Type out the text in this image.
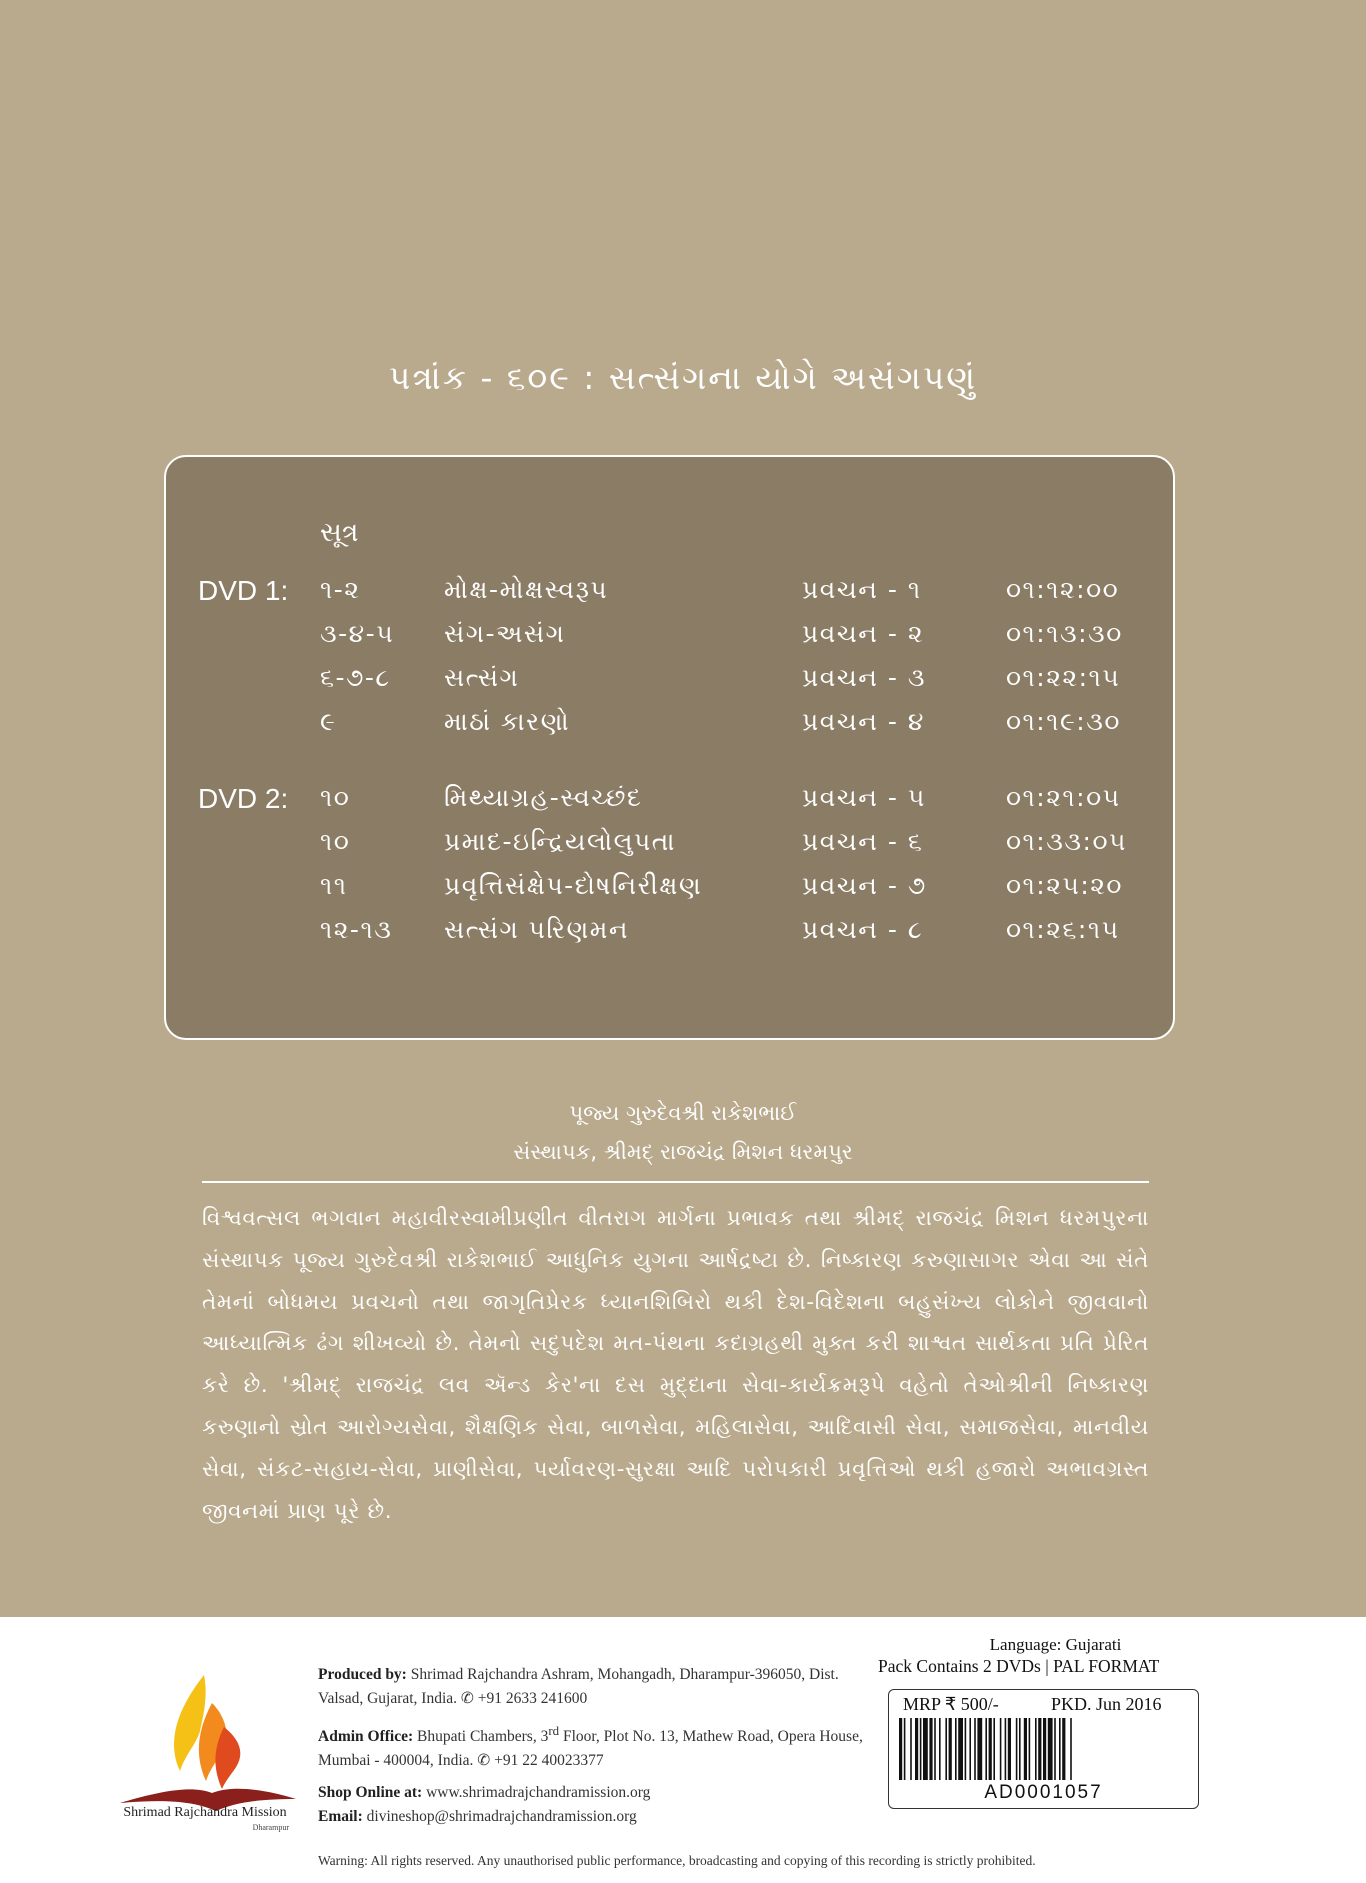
પત્રાંક - ૬૦૯ : સત્સંગના યોગે અસંગપણું
સૂત્ર
DVD 1: ૧-૨	મોક્ષ-મોક્ષસ્વરૂપ	પ્રવચન - ૧	૦૧:૧૨:૦૦
૩-૪-૫ સંગ-અસંગ	પ્રવચન - ૨	૦૧:૧૩:૩૦
૬-૭-૮ સત્સંગ	પ્રવચન - ૩	૦૧:૨૨:૧૫
૯	માઠાં કારણો	પ્રવચન - ૪	૦૧:૧૯:૩૦
DVD 2: ૧૦	મિથ્યાગ્રહ-સ્વચ્છંદ	પ્રવચન - ૫	૦૧:૨૧:૦૫
૧૦	પ્રમાદ-ઇન્દ્રિયલોલુપતા	પ્રવચન - ૬	૦૧:૩૩:૦૫
૧૧	પ્રવૃત્તિસંક્ષેપ-દોષનિરીક્ષણ	પ્રવચન - ૭	૦૧:૨૫:૨૦
૧૨-૧૩ સત્સંગ પરિણમન	પ્રવચન - ૮	૦૧:૨૬:૧૫
પૂજ્ય ગુરુદેવશ્રી રાકેશભાઈ
સંસ્થાપક, શ્રીમદ્ રાજચંદ્ર મિશન ધરમપુર
વિશ્વવત્સલ ભગવાન મહાવીરસ્વામીપ્રણીત વીતરાગ માર્ગના પ્રભાવક તથા શ્રીમદ્ રાજચંદ્ર મિશન ધરમપુરના સંસ્થાપક પૂજ્ય ગુરુદેવશ્રી રાકેશભાઈ આધુનિક યુગના આર્ષદ્રષ્ટા છે. નિષ્કારણ કરુણાસાગર એવા આ સંતે તેમનાં બોધમય પ્રવચનો તથા જાગૃતિપ્રેરક ધ્યાનશિબિરો થકી દેશ-વિદેશના બહુસંખ્ય લોકોને જીવવાનો આધ્યાત્મિક ઢંગ શીખવ્યો છે. તેમનો સદુપદેશ મત-પંથના કદાગ્રહથી મુક્ત કરી શાશ્વત સાર્થકતા પ્રતિ પ્રેરિત કરે છે. 'શ્રીમદ્ રાજચંદ્ર લવ ઍન્ડ કેર'ના દસ મુદ્દાના સેવા-કાર્યક્રમરૂપે વહેતો તેઓશ્રીની નિષ્કારણ કરુણાનો સ્રોત આરોગ્યસેવા, શૈક્ષણિક સેવા, બાળસેવા, મહિલાસેવા, આદિવાસી સેવા, સમાજસેવા, માનવીય સેવા, સંકટ-સહાય-સેવા, પ્રાણીસેવા, પર્યાવરણ-સુરક્ષા આદિ પરોપકારી પ્રવૃત્તિઓ થકી હજારો અભાવગ્રસ્ત જીવનમાં પ્રાણ પૂરે છે.
Shrimad Rajchandra Mission
Dharampur

Produced by: Shrimad Rajchandra Ashram, Mohangadh, Dharampur-396050, Dist. Valsad, Gujarat, India. ✆ +91 2633 241600

Admin Office: Bhupati Chambers, 3rd Floor, Plot No. 13, Mathew Road, Opera House, Mumbai - 400004, India. ✆ +91 22 40023377

Shop Online at: www.shrimadrajchandramission.org
Email: divineshop@shrimadrajchandramission.org
Language: Gujarati
Pack Contains 2 DVDs | PAL FORMAT
MRP ₹ 500/-	PKD. Jun 2016
AD0001057
Warning: All rights reserved. Any unauthorised public performance, broadcasting and copying of this recording is strictly prohibited.
